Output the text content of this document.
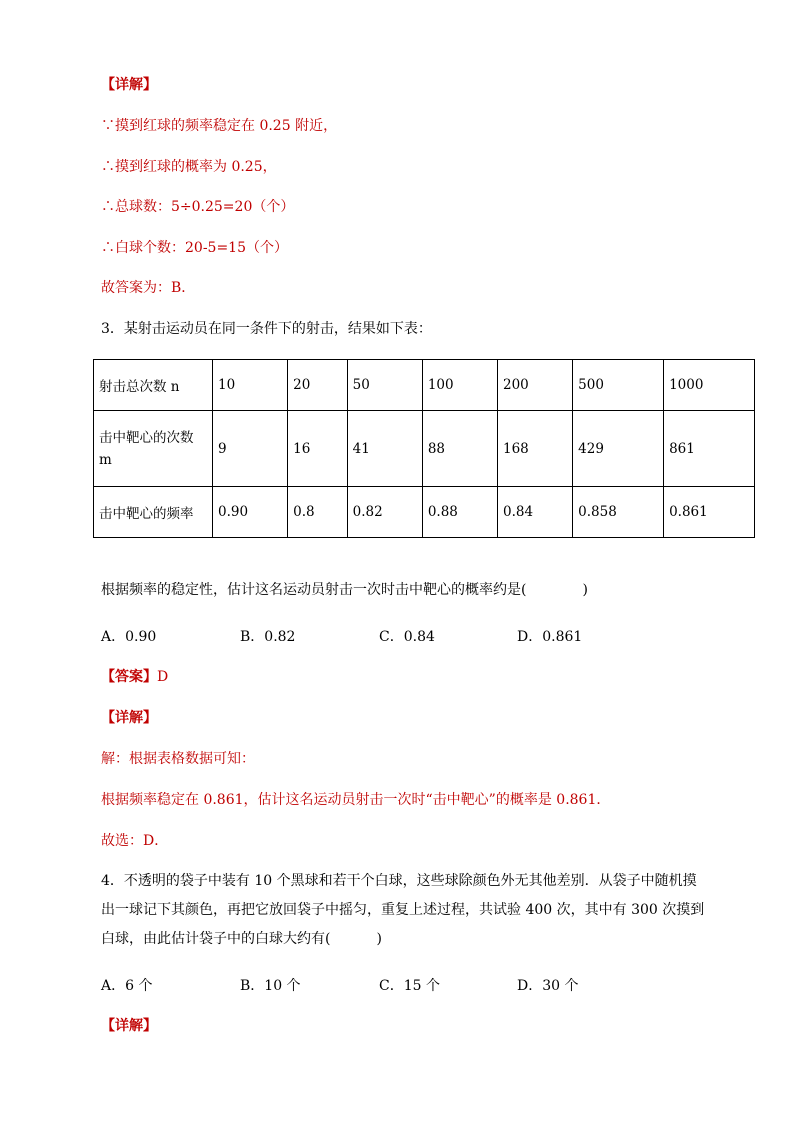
【详解】
∵摸到红球的频率稳定在 0.25 附近，
∴摸到红球的概率为 0.25，
∴总球数：5÷0.25=20（个）
∴白球个数：20-5=15（个）
故答案为：B．
3．某射击运动员在同一条件下的射击，结果如下表：
射击总次数 n	10	20	50	100	200	500	1000
击中靶心的次数 m	9	16	41	88	168	429	861
击中靶心的频率	0.90	0.8	0.82	0.88	0.84	0.858	0.861
根据频率的稳定性，估计这名运动员射击一次时击中靶心的概率约是(	)
A．0.90	B．0.82	C．0.84	D．0.861
【答案】D
【详解】
解：根据表格数据可知：
根据频率稳定在 0.861，估计这名运动员射击一次时“击中靶心”的概率是 0.861．
故选：D．
4．不透明的袋子中装有 10 个黑球和若干个白球，这些球除颜色外无其他差别．从袋子中随机摸
出一球记下其颜色，再把它放回袋子中摇匀，重复上述过程，共试验 400 次，其中有 300 次摸到
白球，由此估计袋子中的白球大约有(	)
A．6 个	B．10 个	C．15 个	D．30 个
【详解】
